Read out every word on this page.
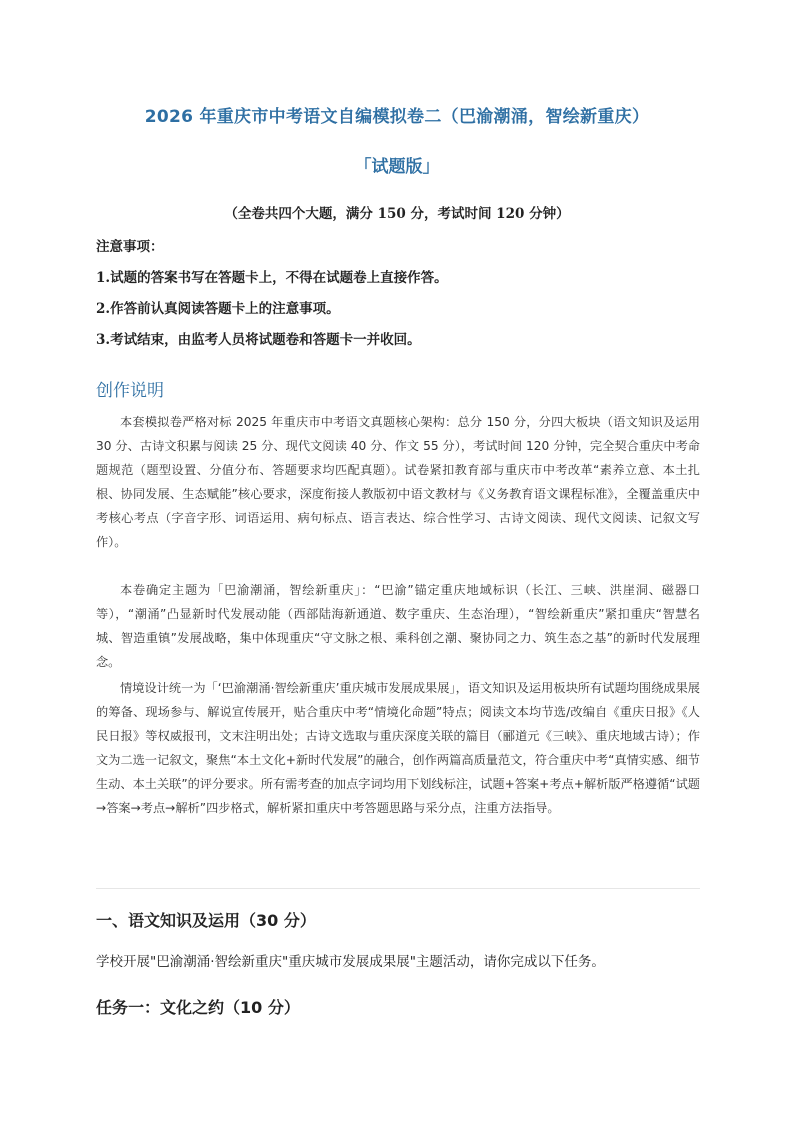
2026 年重庆市中考语文自编模拟卷二（巴渝潮涌，智绘新重庆）
「试题版」
（全卷共四个大题，满分 150 分，考试时间 120 分钟）
注意事项：
1.试题的答案书写在答题卡上，不得在试题卷上直接作答。
2.作答前认真阅读答题卡上的注意事项。
3.考试结束，由监考人员将试题卷和答题卡一并收回。
创作说明

本套模拟卷严格对标 2025 年重庆市中考语文真题核心架构：总分 150 分，分四大板块（语文知识及运用 30 分、古诗文积累与阅读 25 分、现代文阅读 40 分、作文 55 分），考试时间 120 分钟，完全契合重庆中考命题规范（题型设置、分值分布、答题要求均匹配真题）。试卷紧扣教育部与重庆市中考改革“素养立意、本土扎根、协同发展、生态赋能”核心要求，深度衔接人教版初中语文教材与《义务教育语文课程标准》，全覆盖重庆中考核心考点（字音字形、词语运用、病句标点、语言表达、综合性学习、古诗文阅读、现代文阅读、记叙文写作）。

本卷确定主题为「巴渝潮涌，智绘新重庆」：“巴渝”锚定重庆地域标识（长江、三峡、洪崖洞、磁器口等），“潮涌”凸显新时代发展动能（西部陆海新通道、数字重庆、生态治理），“智绘新重庆”紧扣重庆“智慧名城、智造重镇”发展战略，集中体现重庆“守文脉之根、乘科创之潮、聚协同之力、筑生态之基”的新时代发展理念。

情境设计统一为「‘巴渝潮涌·智绘新重庆’重庆城市发展成果展」，语文知识及运用板块所有试题均围绕成果展的筹备、现场参与、解说宣传展开，贴合重庆中考“情境化命题”特点；阅读文本均节选/改编自《重庆日报》《人民日报》等权威报刊，文末注明出处；古诗文选取与重庆深度关联的篇目（郦道元《三峡》、重庆地域古诗）；作文为二选一记叙文，聚焦“本土文化+新时代发展”的融合，创作两篇高质量范文，符合重庆中考“真情实感、细节生动、本土关联”的评分要求。所有需考查的加点字词均用下划线标注，试题+答案+考点+解析版严格遵循“试题→答案→考点→解析”四步格式，解析紧扣重庆中考答题思路与采分点，注重方法指导。

一、语文知识及运用（30 分）
学校开展"巴渝潮涌·智绘新重庆"重庆城市发展成果展"主题活动，请你完成以下任务。
任务一：文化之约（10 分）
